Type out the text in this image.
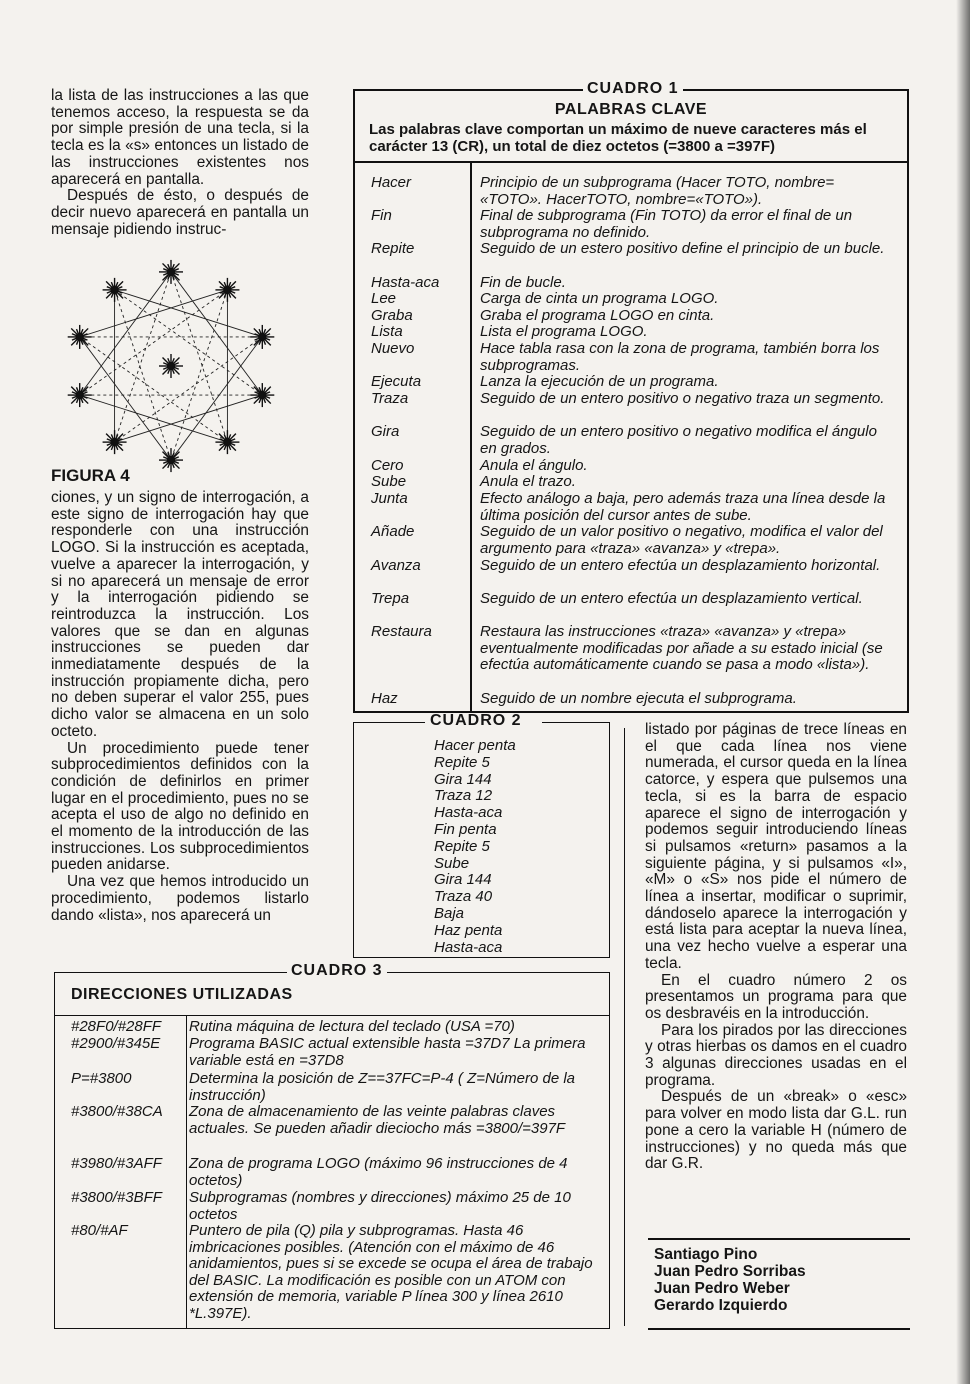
la lista de las instrucciones a las que tenemos acceso, la respuesta se da por simple presión de una tecla, si la tecla es la «s» entonces un listado de las instrucciones existentes nos aparecerá en pantalla.

Después de ésto, o después de decir nuevo aparecerá en pantalla un mensaje pidiendo instruc-

FIGURA 4

ciones, y un signo de interrogación, a este signo de interrogación hay que responderle con una instrucción LOGO. Si la instrucción es aceptada, vuelve a aparecer la interrogación, y si no aparecerá un mensaje de error y la interrogación pidiendo se reintroduzca la instrucción. Los valores que se dan en algunas instrucciones se pueden dar inmediatamente después de la instrucción propiamente dicha, pero no deben superar el valor 255, pues dicho valor se almacena en un solo octeto.

Un procedimiento puede tener subprocedimientos definidos con la condición de definirlos en primer lugar en el procedimiento, pues no se acepta el uso de algo no definido en el momento de la introducción de las instrucciones. Los subprocedimientos pueden anidarse.

Una vez que hemos introducido un procedimiento, podemos listarlo dando «lista», nos aparecerá un

CUADRO 1
PALABRAS CLAVE
Las palabras clave comportan un máximo de nueve caracteres más el carácter 13 (CR), un total de diez octetos (=3800 a =397F)
Hacer	Principio de un subprograma (Hacer TOTO, nombre= «TOTO». HacerTOTO, nombre=«TOTO»).
Fin	Final de subprograma (Fin TOTO) da error el final de un subprograma no definido.
Repite	Seguido de un estero positivo define el principio de un bucle.
Hasta-aca	Fin de bucle.
Lee	Carga de cinta un programa LOGO.
Graba	Graba el programa LOGO en cinta.
Lista	Lista el programa LOGO.
Nuevo	Hace tabla rasa con la zona de programa, también borra los subprogramas.
Ejecuta	Lanza la ejecución de un programa.
Traza	Seguido de un entero positivo o negativo traza un segmento.
Gira	Seguido de un entero positivo o negativo modifica el ángulo en grados.
Cero	Anula el ángulo.
Sube	Anula el trazo.
Junta	Efecto análogo a baja, pero además traza una línea desde la última posición del cursor antes de sube.
Añade	Seguido de un valor positivo o negativo, modifica el valor del argumento para «traza» «avanza» y «trepa».
Avanza	Seguido de un entero efectúa un desplazamiento horizontal.
Trepa	Seguido de un entero efectúa un desplazamiento vertical.
Restaura	Restaura las instrucciones «traza» «avanza» y «trepa» eventualmente modificadas por añade a su estado inicial (se efectúa automáticamente cuando se pasa a modo «lista»).
Haz	Seguido de un nombre ejecuta el subprograma.
CUADRO 2
Hacer penta
Repite 5
Gira 144
Traza 12
Hasta-aca
Fin penta
Repite 5
Sube
Gira 144
Traza 40
Baja
Haz penta
Hasta-aca
CUADRO 3
DIRECCIONES UTILIZADAS
#28F0/#28FF Rutina máquina de lectura del teclado (USA =70)
#2900/#345E Programa BASIC actual extensible hasta =37D7 La primera variable está en =37D8
P=#3800	Determina la posición de Z==37FC=P-4 ( Z=Número de la instrucción)
#3800/#38CA Zona de almacenamiento de las veinte palabras claves actuales. Se pueden añadir dieciocho más =3800/=397F
#3980/#3AFF Zona de programa LOGO (máximo 96 instrucciones de 4 octetos)
#3800/#3BFF Subprogramas (nombres y direcciones) máximo 25 de 10 octetos
#80/#AF	Puntero de pila (Q) pila y subprogramas. Hasta 46 imbricaciones posibles. (Atención con el máximo de 46 anidamientos, pues si se excede se ocupa el área de trabajo del BASIC. La modificación es posible con un ATOM con extensión de memoria, variable P línea 300 y línea 2610 *L.397E).

listado por páginas de trece líneas en el que cada línea nos viene numerada, el cursor queda en la línea catorce, y espera que pulsemos una tecla, si es la barra de espacio aparece el signo de interrogación y podemos seguir introduciendo líneas si pulsamos «return» pasamos a la siguiente página, y si pulsamos «I», «M» o «S» nos pide el número de línea a insertar, modificar o suprimir, dándoselo aparece la interrogación y está lista para aceptar la nueva línea, una vez hecho vuelve a esperar una tecla.

En el cuadro número 2 os presentamos un programa para que os desbravéis en la introducción.

Para los pirados por las direcciones y otras hierbas os damos en el cuadro 3 algunas direcciones usadas en el programa.

Después de un «break» o «esc» para volver en modo lista dar G.L. run pone a cero la variable H (número de instrucciones) y no queda más que dar G.R.

Santiago Pino
Juan Pedro Sorribas
Juan Pedro Weber
Gerardo Izquierdo
